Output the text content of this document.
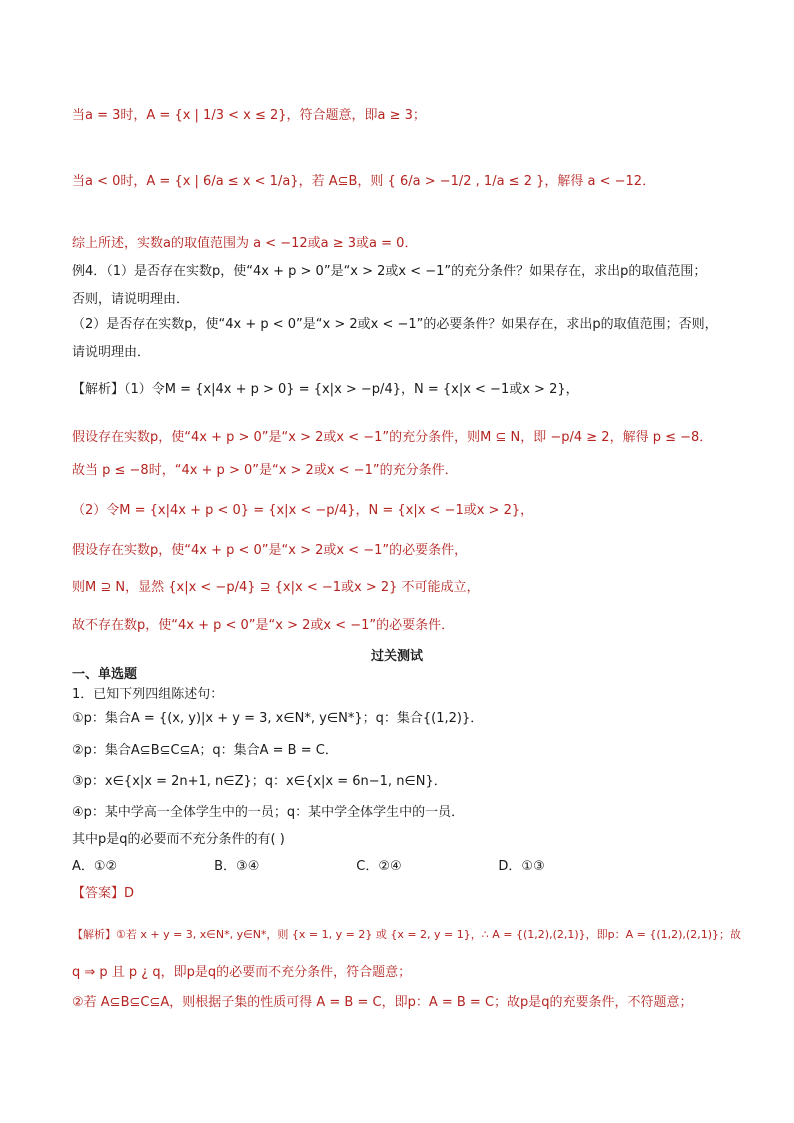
当a = 3时，A = {x | 1/3 < x ≤ 2}，符合题意，即a ≥ 3；
当a < 0时，A = {x | 6/a ≤ x < 1/a}，若 A⊆B，则 { 6/a > −1/2 , 1/a ≤ 2 }，解得 a < −12．
综上所述，实数a的取值范围为 a < −12或a ≥ 3或a = 0．
例4．（1）是否存在实数p，使“4x + p > 0”是“x > 2或x < −1”的充分条件？如果存在，求出p的取值范围；
否则，请说明理由．
（2）是否存在实数p，使“4x + p < 0”是“x > 2或x < −1”的必要条件？如果存在，求出p的取值范围；否则，
请说明理由．
【解析】（1）令M = {x|4x + p > 0} = {x|x > −p/4}，N = {x|x < −1或x > 2}，
假设存在实数p，使“4x + p > 0”是“x > 2或x < −1”的充分条件，则M ⊆ N，即 −p/4 ≥ 2，解得 p ≤ −8．
故当 p ≤ −8时，“4x + p > 0”是“x > 2或x < −1”的充分条件．
（2）令M = {x|4x + p < 0} = {x|x < −p/4}，N = {x|x < −1或x > 2}，
假设存在实数p，使“4x + p < 0”是“x > 2或x < −1”的必要条件，
则M ⊇ N，显然 {x|x < −p/4} ⊇ {x|x < −1或x > 2} 不可能成立，
故不存在数p，使“4x + p < 0”是“x > 2或x < −1”的必要条件．
过关测试
一、单选题
1．已知下列四组陈述句：
①p：集合A = {(x, y)|x + y = 3, x∈N*, y∈N*}；q：集合{(1,2)}．
②p：集合A⊆B⊆C⊆A；q：集合A = B = C．
③p：x∈{x|x = 2n+1, n∈Z}；q：x∈{x|x = 6n−1, n∈N}．
④p：某中学高一全体学生中的一员；q：某中学全体学生中的一员．
其中p是q的必要而不充分条件的有( )
A．①②	B．③④	C．②④	D．①③
【答案】D
【解析】①若 x + y = 3, x∈N*, y∈N*，则 {x = 1, y = 2} 或 {x = 2, y = 1}，∴ A = {(1,2),(2,1)}，即p：A = {(1,2),(2,1)}；故
q ⇒ p 且 p ¿ q，即p是q的必要而不充分条件，符合题意；
②若 A⊆B⊆C⊆A，则根据子集的性质可得 A = B = C，即p：A = B = C；故p是q的充要条件，不符题意；
